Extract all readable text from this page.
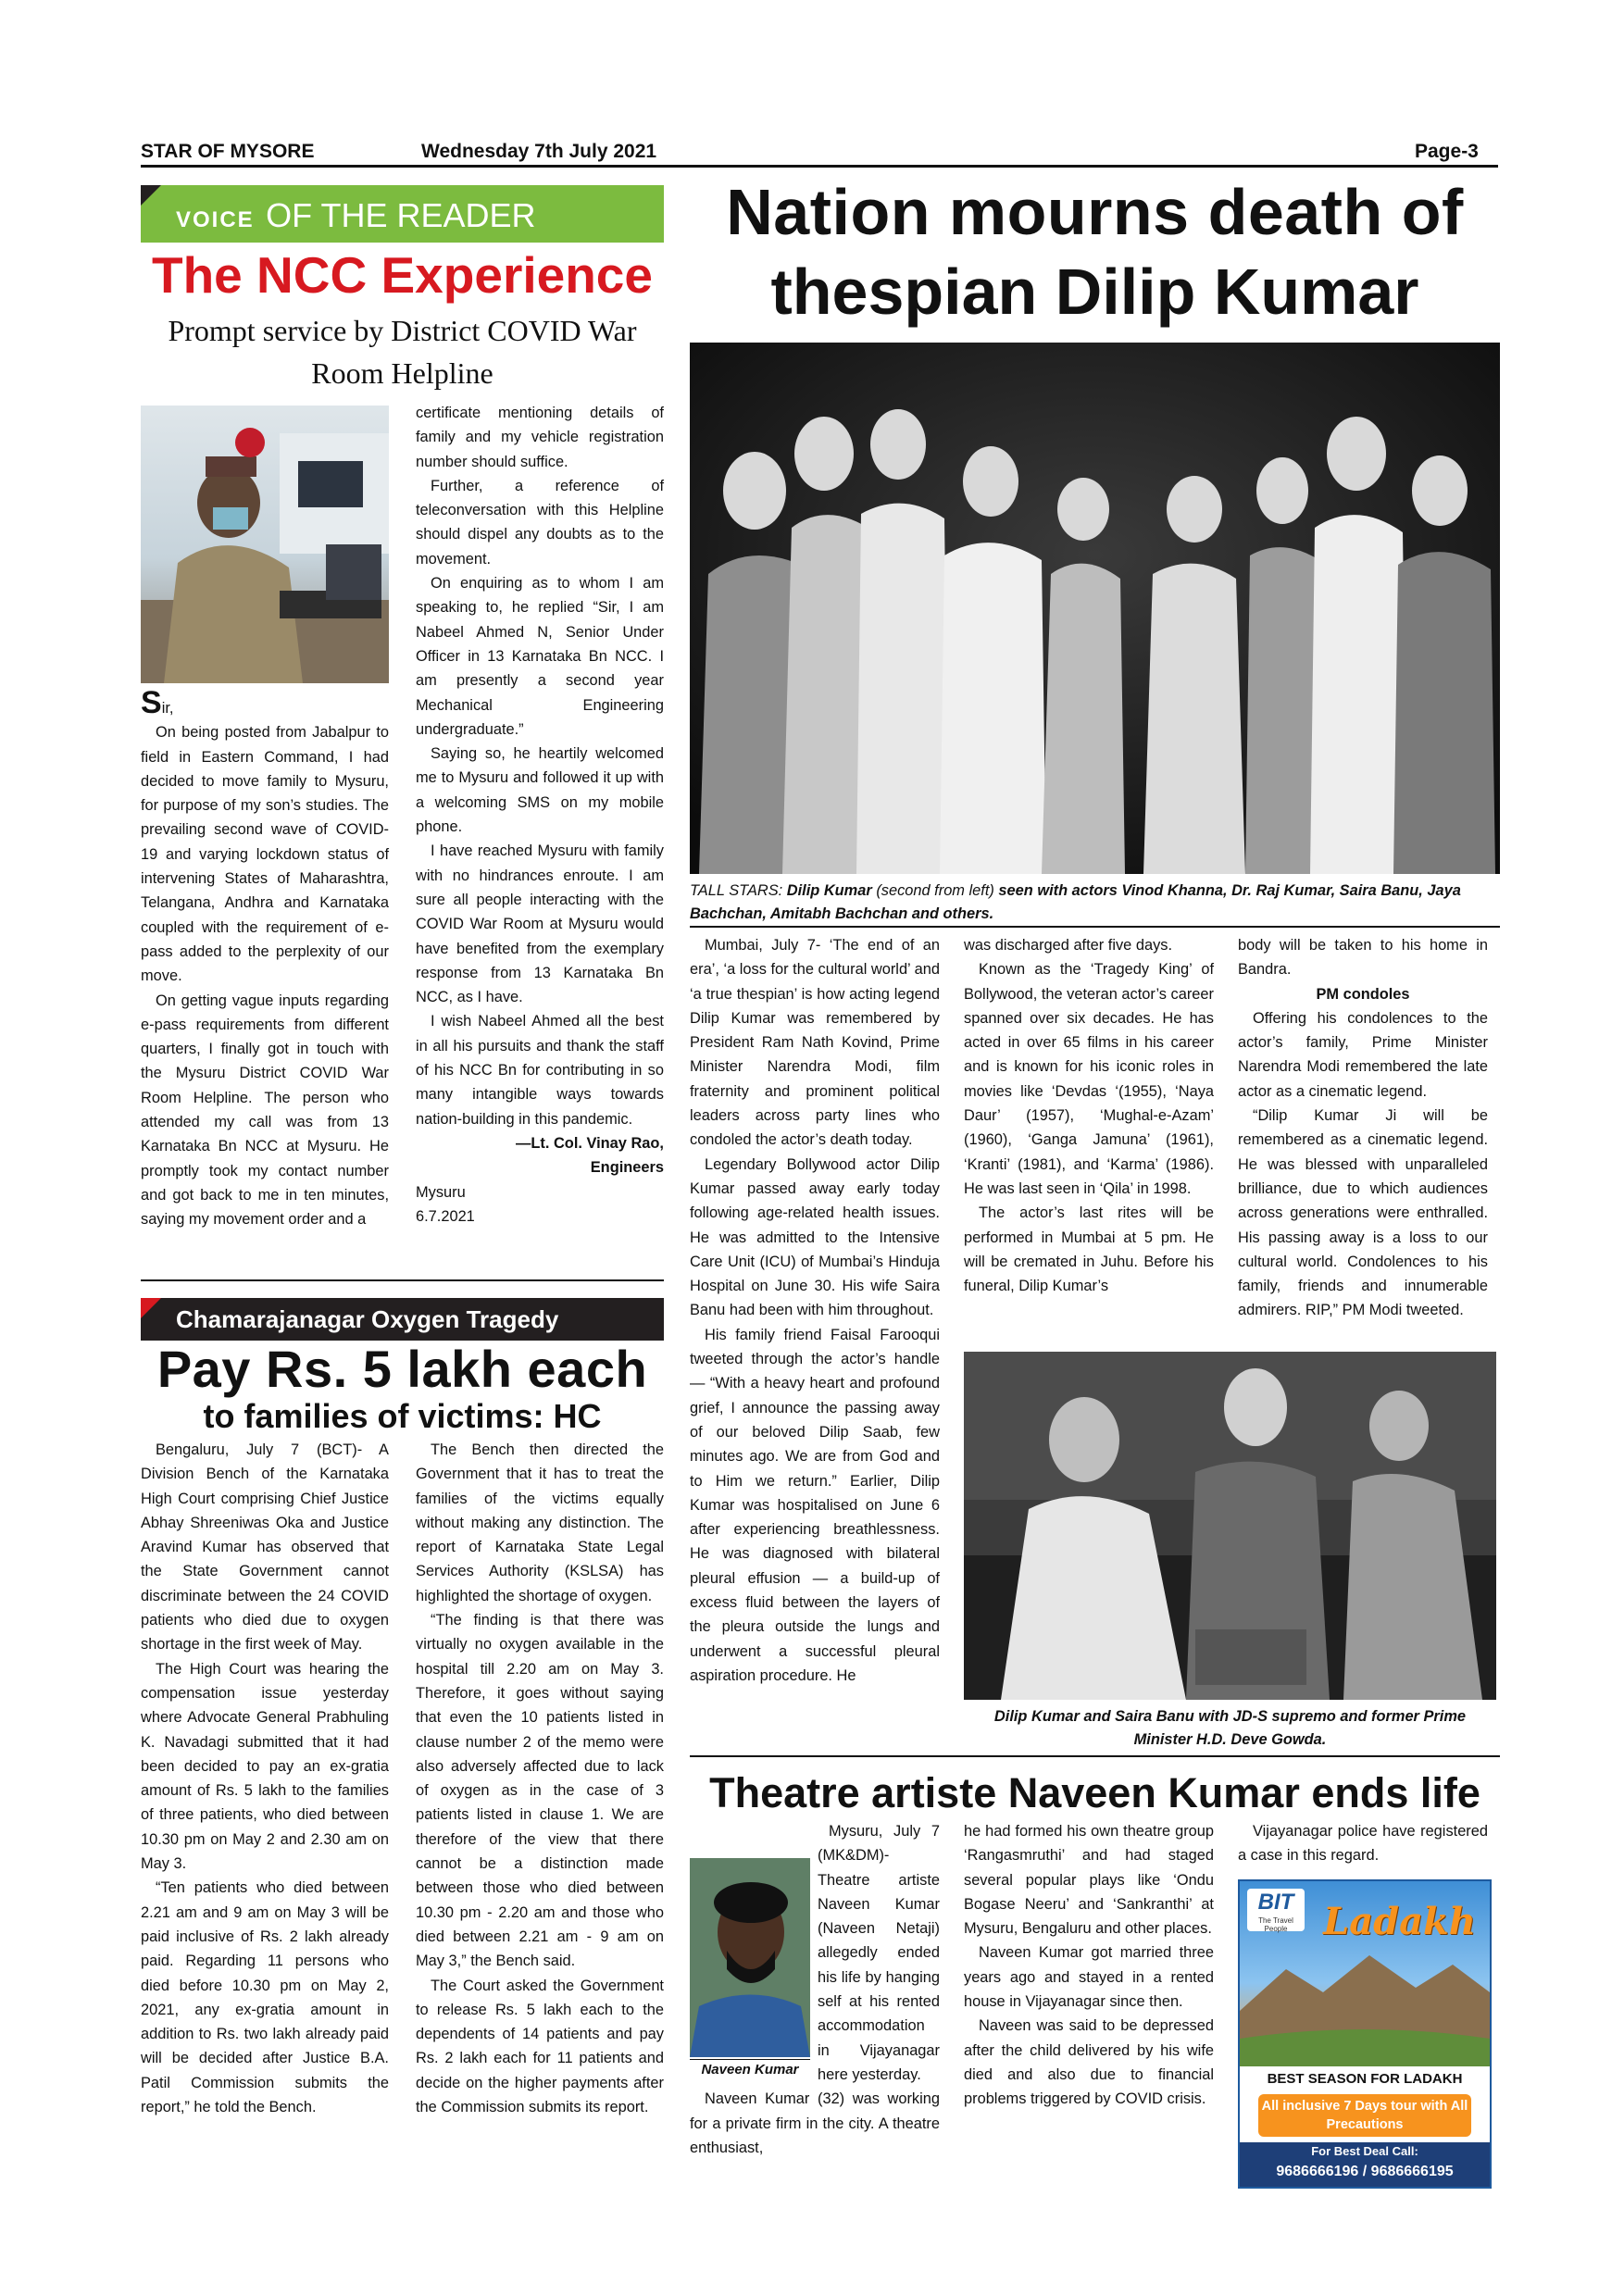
STAR OF MYSORE	Wednesday 7th July 2021	Page-3
VOICE OF THE READER
The NCC Experience
Prompt service by District COVID War Room Helpline

Sir,

On being posted from Jabalpur to field in Eastern Command, I had decided to move family to Mysuru, for purpose of my son’s studies. The prevailing second wave of COVID-19 and varying lockdown status of intervening States of Maharashtra, Telangana, Andhra and Karnataka coupled with the requirement of e-pass added to the perplexity of our move.

On getting vague inputs regarding e-pass requirements from different quarters, I finally got in touch with the Mysuru District COVID War Room Helpline. The person who attended my call was from 13 Karnataka Bn NCC at Mysuru. He promptly took my contact number and got back to me in ten minutes, saying my movement order and a

certificate mentioning details of family and my vehicle registration number should suffice.

Further, a reference of teleconversation with this Helpline should dispel any doubts as to the movement.

On enquiring as to whom I am speaking to, he replied “Sir, I am Nabeel Ahmed N, Senior Under Officer in 13 Karnataka Bn NCC. I am presently a second year Mechanical Engineering undergraduate.”

Saying so, he heartily welcomed me to Mysuru and followed it up with a welcoming SMS on my mobile phone.

I have reached Mysuru with family with no hindrances enroute. I am sure all people interacting with the COVID War Room at Mysuru would have benefited from the exemplary response from 13 Karnataka Bn NCC, as I have.

I wish Nabeel Ahmed all the best in all his pursuits and thank the staff of his NCC Bn for contributing in so many intangible ways towards nation-building in this pandemic.

—Lt. Col. Vinay Rao,

Engineers

Mysuru

6.7.2021

Chamarajanagar Oxygen Tragedy
Pay Rs. 5 lakh each
to families of victims: HC

Bengaluru, July 7 (BCT)- A Division Bench of the Karnataka High Court comprising Chief Justice Abhay Shreeniwas Oka and Justice Aravind Kumar has observed that the State Government cannot discriminate between the 24 COVID patients who died due to oxygen shortage in the first week of May.

The High Court was hearing the compensation issue yesterday where Advocate General Prabhuling K. Navadagi submitted that it had been decided to pay an ex-gratia amount of Rs. 5 lakh to the families of three patients, who died between 10.30 pm on May 2 and 2.30 am on May 3.

“Ten patients who died between 2.21 am and 9 am on May 3 will be paid inclusive of Rs. 2 lakh already paid. Regarding 11 persons who died before 10.30 pm on May 2, 2021, any ex-gratia amount in addition to Rs. two lakh already paid will be decided after Justice B.A. Patil Commission submits the report,” he told the Bench.

The Bench then directed the Government that it has to treat the families of the victims equally without making any distinction. The report of Karnataka State Legal Services Authority (KSLSA) has highlighted the shortage of oxygen.

“The finding is that there was virtually no oxygen available in the hospital till 2.20 am on May 3. Therefore, it goes without saying that even the 10 patients listed in clause number 2 of the memo were also adversely affected due to lack of oxygen as in the case of 3 patients listed in clause 1. We are therefore of the view that there cannot be a distinction made between those who died between 10.30 pm - 2.20 am and those who died between 2.21 am - 9 am on May 3,” the Bench said.

The Court asked the Government to release Rs. 5 lakh each to the dependents of 14 patients and pay Rs. 2 lakh each for 11 patients and decide on the higher payments after the Commission submits its report.

Nation mourns death of
thespian Dilip Kumar
TALL STARS: Dilip Kumar (second from left) seen with actors Vinod Khanna, Dr. Raj Kumar, Saira Banu, Jaya Bachchan, Amitabh Bachchan and others.

Mumbai, July 7- ‘The end of an era’, ‘a loss for the cultural world’ and ‘a true thespian’ is how acting legend Dilip Kumar was remembered by President Ram Nath Kovind, Prime Minister Narendra Modi, film fraternity and prominent political leaders across party lines who condoled the actor’s death today.

Legendary Bollywood actor Dilip Kumar passed away early today following age-related health issues. He was admitted to the Intensive Care Unit (ICU) of Mumbai’s Hinduja Hospital on June 30. His wife Saira Banu had been with him throughout.

His family friend Faisal Farooqui tweeted through the actor’s handle — “With a heavy heart and profound grief, I announce the passing away of our beloved Dilip Saab, few minutes ago. We are from God and to Him we return.” Earlier, Dilip Kumar was hospitalised on June 6 after experiencing breathlessness. He was diagnosed with bilateral pleural effusion — a build-up of excess fluid between the layers of the pleura outside the lungs and underwent a successful pleural aspiration procedure. He

was discharged after five days.

Known as the ‘Tragedy King’ of Bollywood, the veteran actor’s career spanned over six decades. He has acted in over 65 films in his career and is known for his iconic roles in movies like ‘Devdas ‘(1955), ‘Naya Daur’ (1957), ‘Mughal-e-Azam’ (1960), ‘Ganga Jamuna’ (1961), ‘Kranti’ (1981), and ‘Karma’ (1986). He was last seen in ‘Qila’ in 1998.

The actor’s last rites will be performed in Mumbai at 5 pm. He will be cremated in Juhu. Before his funeral, Dilip Kumar’s

body will be taken to his home in Bandra.

PM condoles

Offering his condolences to the actor’s family, Prime Minister Narendra Modi remembered the late actor as a cinematic legend.

“Dilip Kumar Ji will be remembered as a cinematic legend. He was blessed with unparalleled brilliance, due to which audiences across generations were enthralled. His passing away is a loss to our cultural world. Condolences to his family, friends and innumerable admirers. RIP,” PM Modi tweeted.

Dilip Kumar and Saira Banu with JD-S supremo and former Prime Minister H.D. Deve Gowda.
Theatre artiste Naveen Kumar ends life
Naveen Kumar

Mysuru, July 7 (MK&DM)- Theatre artiste Naveen Kumar (Naveen Netaji) allegedly ended his life by hanging self at his rented accommodation in Vijayanagar here yesterday.

Naveen Kumar (32) was working for a private firm in the city. A theatre enthusiast,

he had formed his own theatre group ‘Rangasmruthi’ and had staged several popular plays like ‘Ondu Bogase Neeru’ and ‘Sankranthi’ at Mysuru, Bengaluru and other places.

Naveen Kumar got married three years ago and stayed in a rented house in Vijayanagar since then.

Naveen was said to be depressed after the child delivered by his wife died and also due to financial problems triggered by COVID crisis.

Vijayanagar police have registered a case in this regard.

BIT
The Travel People Ladakh
BEST SEASON FOR LADAKH
All inclusive 7 Days tour with All Precautions
For Best Deal Call:
9686666196 / 9686666195
